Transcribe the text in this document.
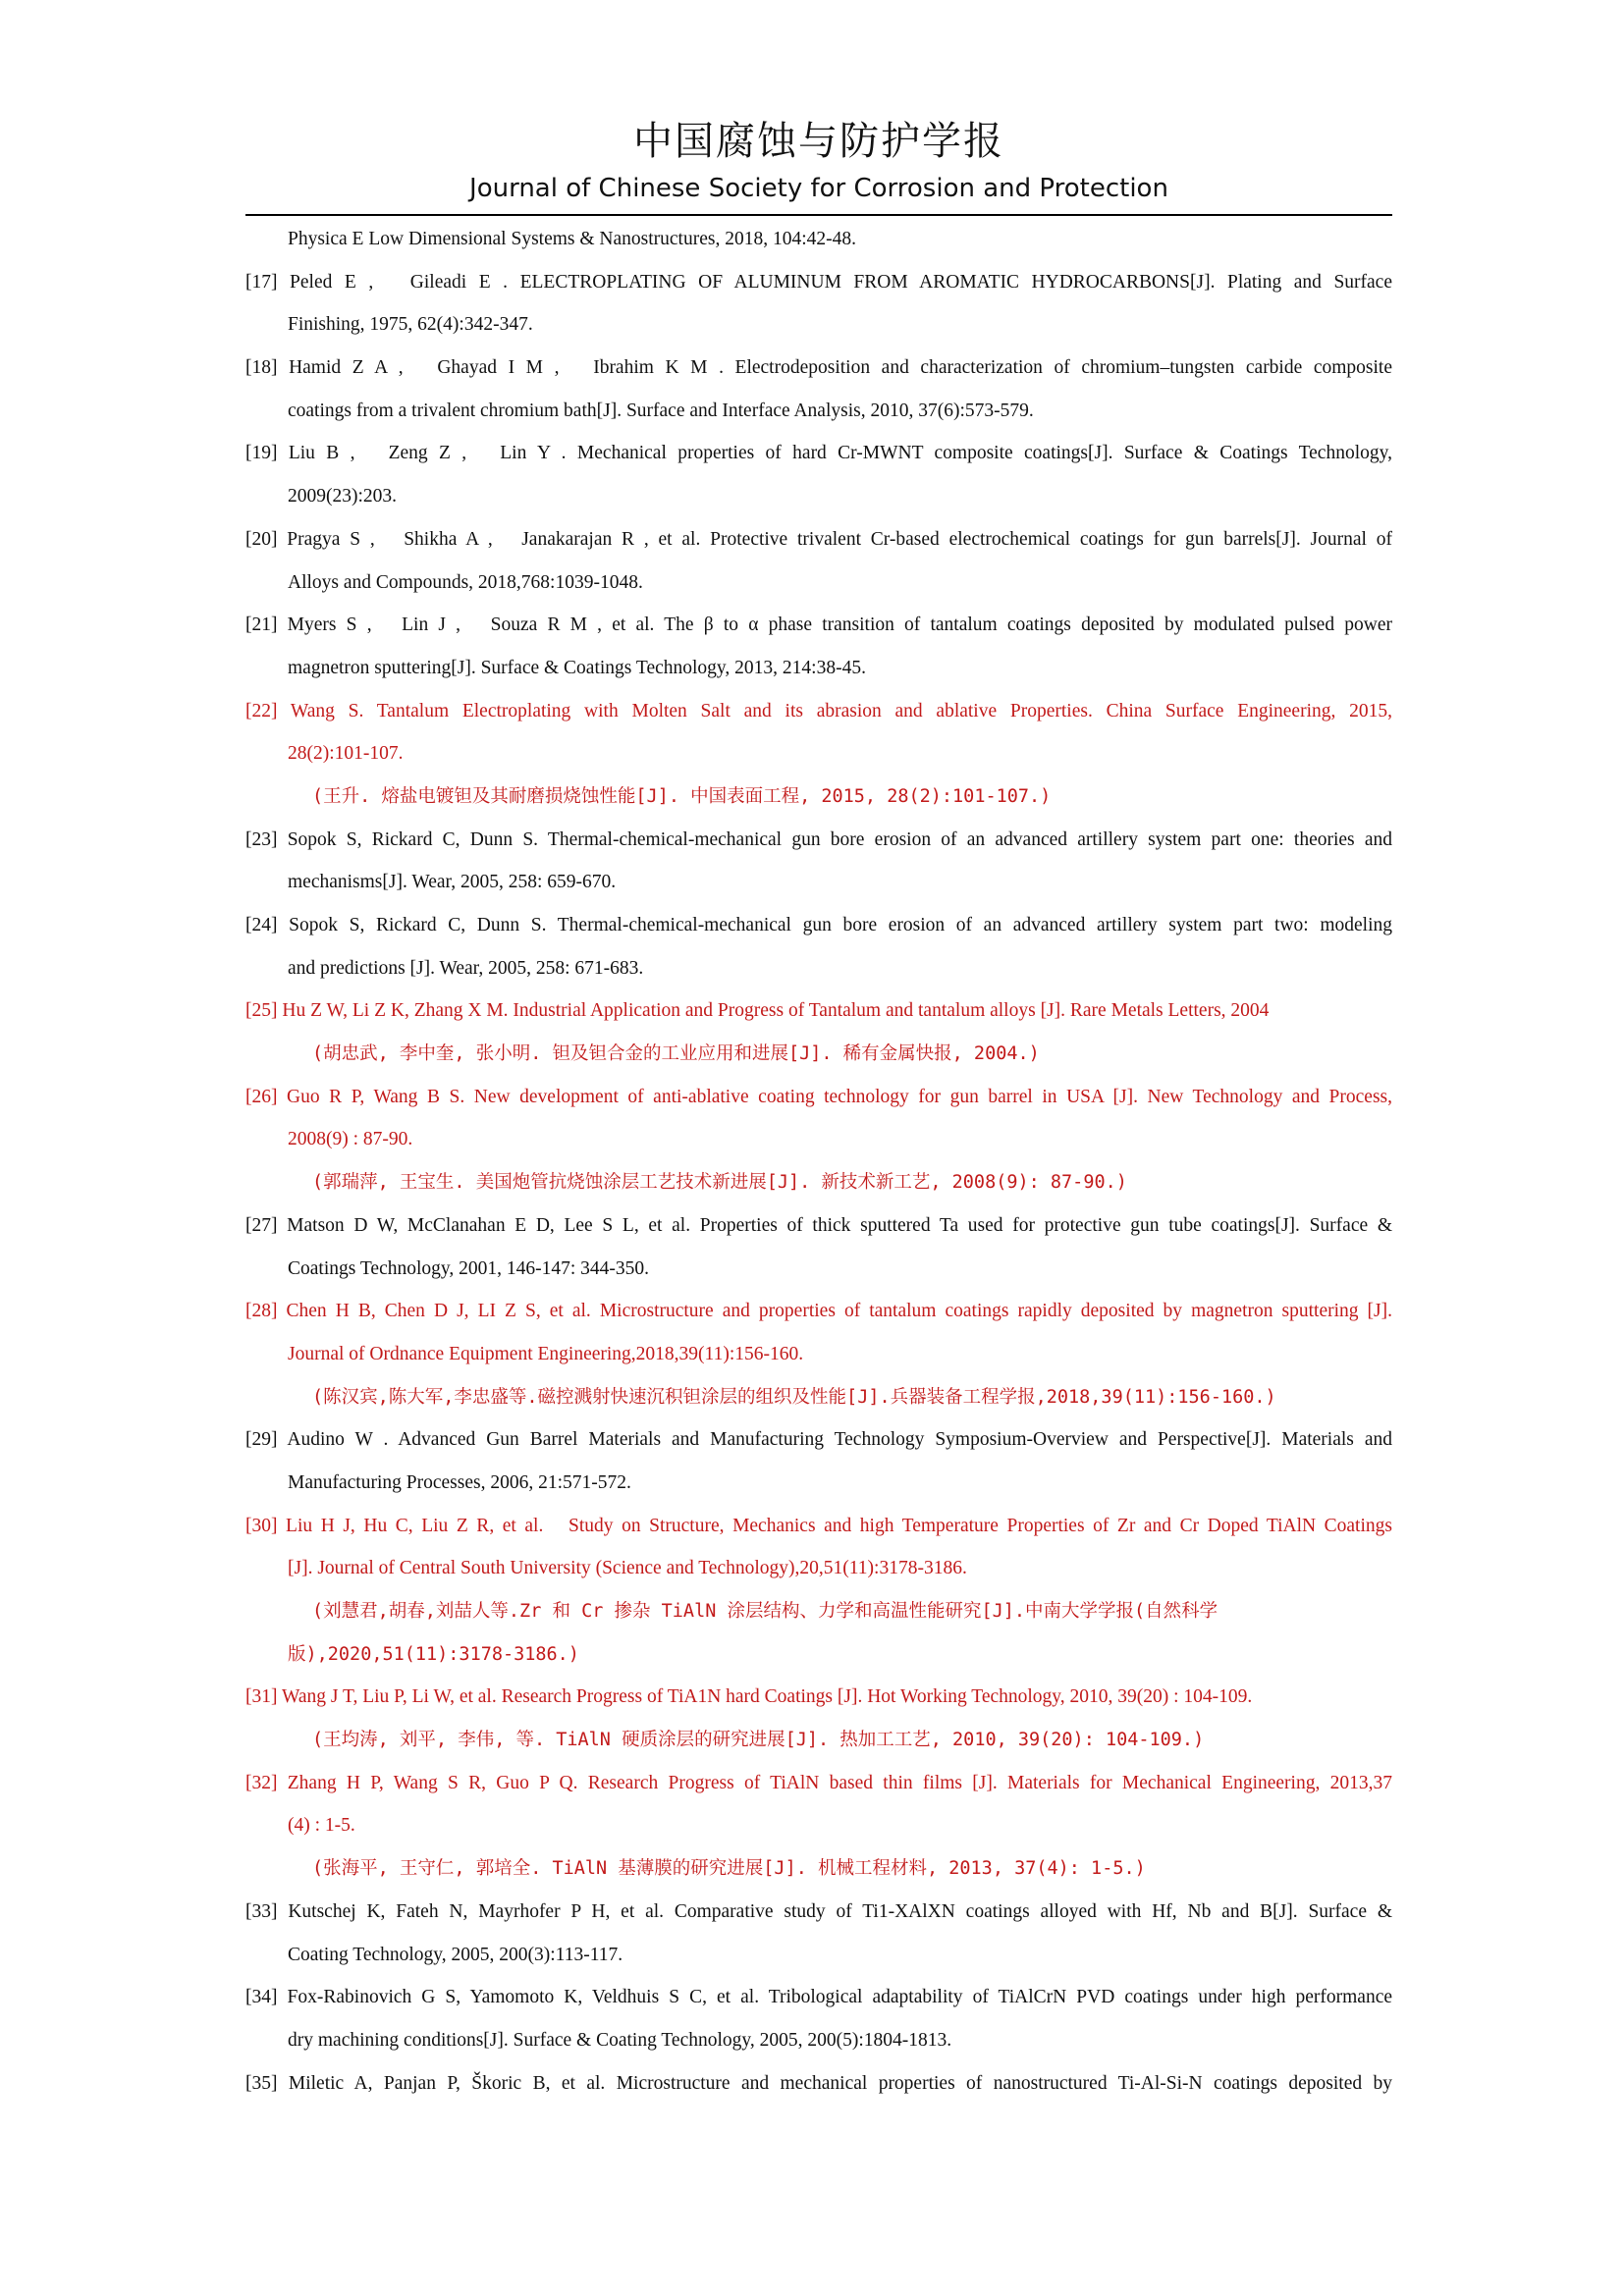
中国腐蚀与防护学报
Journal of Chinese Society for Corrosion and Protection
Physica E Low Dimensional Systems & Nanostructures, 2018, 104:42-48.
[17] Peled E ,   Gileadi E . ELECTROPLATING OF ALUMINUM FROM AROMATIC HYDROCARBONS[J]. Plating and Surface
Finishing, 1975, 62(4):342-347.
[18] Hamid Z A ,   Ghayad I M ,   Ibrahim K M . Electrodeposition and characterization of chromium–tungsten carbide composite
coatings from a trivalent chromium bath[J]. Surface and Interface Analysis, 2010, 37(6):573-579.
[19] Liu B ,   Zeng Z ,   Lin Y . Mechanical properties of hard Cr-MWNT composite coatings[J]. Surface & Coatings Technology,
2009(23):203.
[20] Pragya S ,   Shikha A ,   Janakarajan R , et al. Protective trivalent Cr-based electrochemical coatings for gun barrels[J]. Journal of
Alloys and Compounds, 2018,768:1039-1048.
[21] Myers S ,   Lin J ,   Souza R M , et al. The β to α phase transition of tantalum coatings deposited by modulated pulsed power
magnetron sputtering[J]. Surface & Coatings Technology, 2013, 214:38-45.
[22] Wang S. Tantalum Electroplating with Molten Salt and its abrasion and ablative Properties. China Surface Engineering, 2015,
28(2):101-107.
(王升. 熔盐电镀钽及其耐磨损烧蚀性能[J]. 中国表面工程, 2015, 28(2):101-107.)
[23] Sopok S, Rickard C, Dunn S. Thermal-chemical-mechanical gun bore erosion of an advanced artillery system part one: theories and
mechanisms[J]. Wear, 2005, 258: 659-670.
[24] Sopok S, Rickard C, Dunn S. Thermal-chemical-mechanical gun bore erosion of an advanced artillery system part two: modeling
and predictions [J]. Wear, 2005, 258: 671-683.
[25] Hu Z W, Li Z K, Zhang X M. Industrial Application and Progress of Tantalum and tantalum alloys [J]. Rare Metals Letters, 2004
(胡忠武, 李中奎, 张小明. 钽及钽合金的工业应用和进展[J]. 稀有金属快报, 2004.)
[26] Guo R P, Wang B S. New development of anti-ablative coating technology for gun barrel in USA [J]. New Technology and Process,
2008(9) : 87-90.
(郭瑞萍, 王宝生. 美国炮管抗烧蚀涂层工艺技术新进展[J]. 新技术新工艺, 2008(9): 87-90.)
[27] Matson D W, McClanahan E D, Lee S L, et al. Properties of thick sputtered Ta used for protective gun tube coatings[J]. Surface &
Coatings Technology, 2001, 146-147: 344-350.
[28] Chen H B, Chen D J, LI Z S, et al. Microstructure and properties of tantalum coatings rapidly deposited by magnetron sputtering [J].
Journal of Ordnance Equipment Engineering,2018,39(11):156-160.
(陈汉宾,陈大军,李忠盛等.磁控溅射快速沉积钽涂层的组织及性能[J].兵器装备工程学报,2018,39(11):156-160.)
[29] Audino W . Advanced Gun Barrel Materials and Manufacturing Technology Symposium-Overview and Perspective[J]. Materials and
Manufacturing Processes, 2006, 21:571-572.
[30] Liu H J, Hu C, Liu Z R, et al.   Study on Structure, Mechanics and high Temperature Properties of Zr and Cr Doped TiAlN Coatings
[J]. Journal of Central South University (Science and Technology),20,51(11):3178-3186.
(刘慧君,胡春,刘喆人等.Zr 和 Cr 掺杂 TiAlN 涂层结构、力学和高温性能研究[J].中南大学学报(自然科学
版),2020,51(11):3178-3186.)
[31] Wang J T, Liu P, Li W, et al. Research Progress of TiA1N hard Coatings [J]. Hot Working Technology, 2010, 39(20) : 104-109.
(王均涛, 刘平, 李伟, 等. TiAlN 硬质涂层的研究进展[J]. 热加工工艺, 2010, 39(20): 104-109.)
[32] Zhang H P, Wang S R, Guo P Q. Research Progress of TiAlN based thin films [J]. Materials for Mechanical Engineering, 2013,37
(4) : 1-5.
(张海平, 王守仁, 郭培全. TiAlN 基薄膜的研究进展[J]. 机械工程材料, 2013, 37(4): 1-5.)
[33] Kutschej K, Fateh N, Mayrhofer P H, et al. Comparative study of Ti1-XAlXN coatings alloyed with Hf, Nb and B[J]. Surface &
Coating Technology, 2005, 200(3):113-117.
[34] Fox-Rabinovich G S, Yamomoto K, Veldhuis S C, et al. Tribological adaptability of TiAlCrN PVD coatings under high performance
dry machining conditions[J]. Surface & Coating Technology, 2005, 200(5):1804-1813.
[35] Miletic A, Panjan P, Škoric B, et al. Microstructure and mechanical properties of nanostructured Ti-Al-Si-N coatings deposited by
